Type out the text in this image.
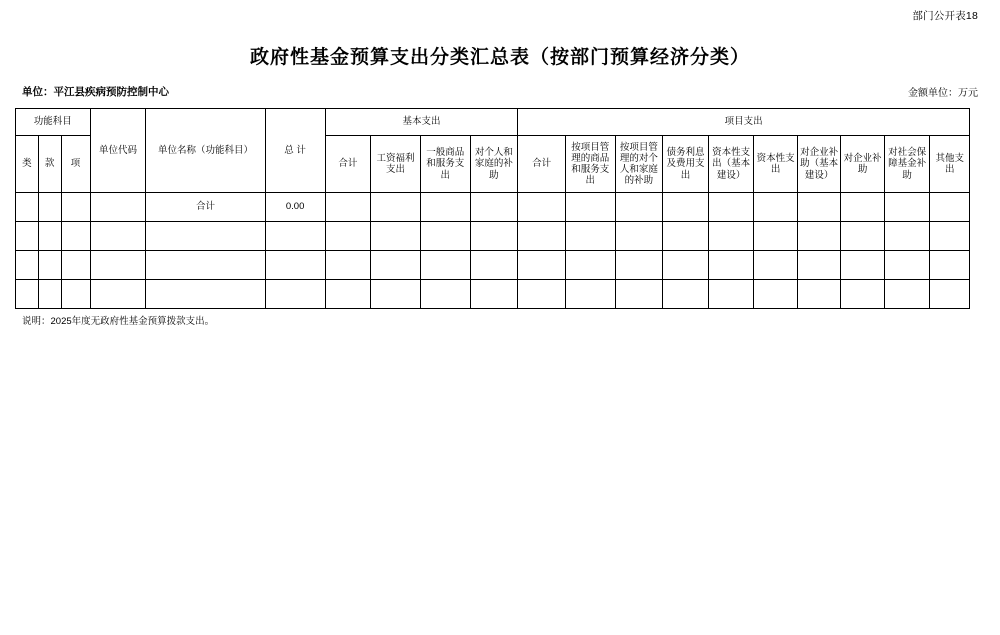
部门公开表18
政府性基金预算支出分类汇总表（按部门预算经济分类）
单位：平江县疾病预防控制中心	金额单位：万元
功能科目			单位代码	单位名称（功能科目）	总 计	基本支出				项目支出									
类	款	项				合计	工资福利支出	一般商品和服务支出	对个人和家庭的补助	合计	按项目管理的商品和服务支出	按项目管理的对个人和家庭的补助	债务利息及费用支出	资本性支出（基本建设）	资本性支出	对企业补助（基本建设）	对企业补助	对社会保障基金补助	其他支出
				合计	0.00														

说明：2025年度无政府性基金预算拨款支出。
